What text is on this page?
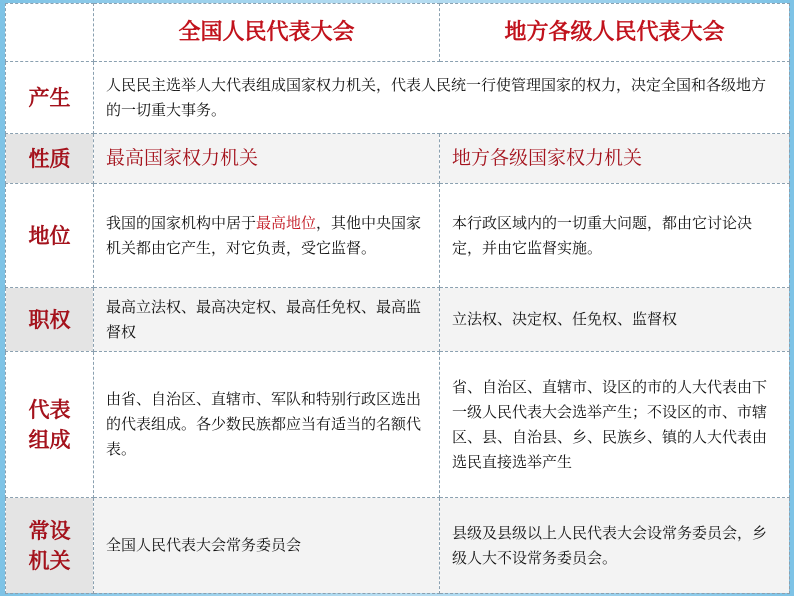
	全国人民代表大会	地方各级人民代表大会
产生	人民民主选举人大代表组成国家权力机关，代表人民统一行使管理国家的权力，决定全国和各级地方的一切重大事务。	
性质	最高国家权力机关	地方各级国家权力机关
地位	我国的国家机构中居于最高地位，其他中央国家机关都由它产生，对它负责，受它监督。	本行政区域内的一切重大问题，都由它讨论决定，并由它监督实施。
职权	最高立法权、最高决定权、最高任免权、最高监督权	立法权、决定权、任免权、监督权

代表
组成	由省、自治区、直辖市、军队和特别行政区选出的代表组成。各少数民族都应当有适当的名额代表。	省、自治区、直辖市、设区的市的人大代表由下一级人民代表大会选举产生；不设区的市、市辖区、县、自治县、乡、民族乡、镇的人大代表由选民直接选举产生

常设
机关	全国人民代表大会常务委员会	县级及县级以上人民代表大会设常务委员会，乡级人大不设常务委员会。
